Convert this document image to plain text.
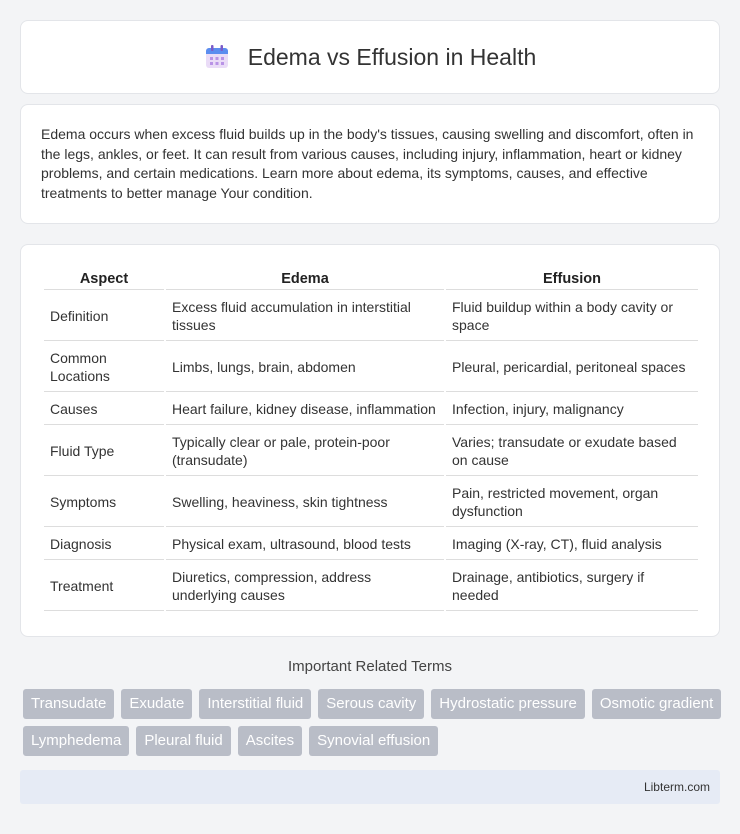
Edema vs Effusion in Health

Edema occurs when excess fluid builds up in the body's tissues, causing swelling and discomfort, often in the legs, ankles, or feet. It can result from various causes, including injury, inflammation, heart or kidney problems, and certain medications. Learn more about edema, its symptoms, causes, and effective treatments to better manage Your condition.

Aspect	Edema	Effusion
Definition	Excess fluid accumulation in interstitial tissues	Fluid buildup within a body cavity or space
Common Locations	Limbs, lungs, brain, abdomen	Pleural, pericardial, peritoneal spaces
Causes	Heart failure, kidney disease, inflammation	Infection, injury, malignancy
Fluid Type	Typically clear or pale, protein-poor (transudate)	Varies; transudate or exudate based on cause
Symptoms	Swelling, heaviness, skin tightness	Pain, restricted movement, organ dysfunction
Diagnosis	Physical exam, ultrasound, blood tests	Imaging (X-ray, CT), fluid analysis
Treatment	Diuretics, compression, address underlying causes	Drainage, antibiotics, surgery if needed
Important Related Terms
Transudate	Exudate	Interstitial fluid	Serous cavity	Hydrostatic pressure	Osmotic gradient
Lymphedema	Pleural fluid	Ascites	Synovial effusion
Libterm.com
